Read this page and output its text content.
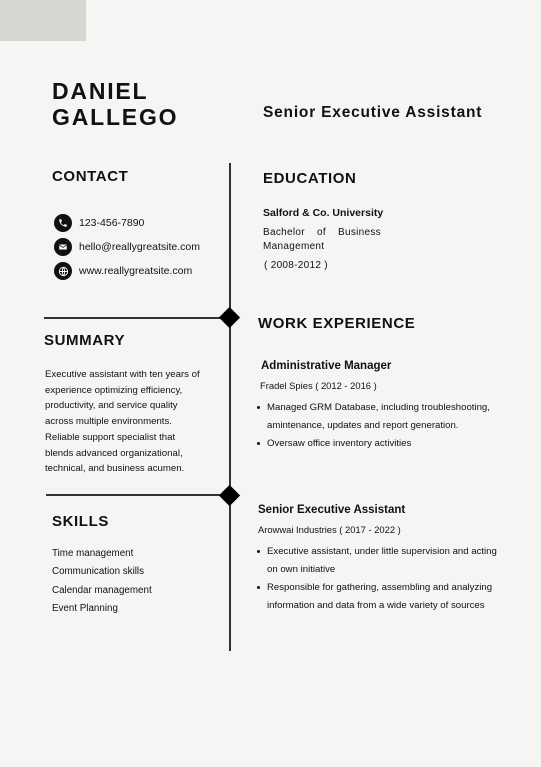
DANIEL
GALLEGO	Senior Executive Assistant
CONTACT
123-456-7890
hello@reallygreatsite.com
www.reallygreatsite.com
SUMMARY
Executive assistant with ten years of
experience optimizing efficiency,
productivity, and service quality
across multiple environments.
Reliable support specialist that
blends advanced organizational,
technical, and business acumen.
SKILLS
Time management
Communication skills
Calendar management
Event Planning
EDUCATION
Salford & Co. University
Bachelor of Business Management
( 2008-2012 )
WORK EXPERIENCE
Administrative Manager
Fradel Spies ( 2012 - 2016 )
Managed GRM Database, including troubleshooting,
amintenance, updates and report generation.
Oversaw office inventory activities
Senior Executive Assistant
Arowwai Industries ( 2017 - 2022 )
Executive assistant, under little supervision and acting
on own initiative
Responsible for gathering, assembling and analyzing
information and data from a wide variety of sources
